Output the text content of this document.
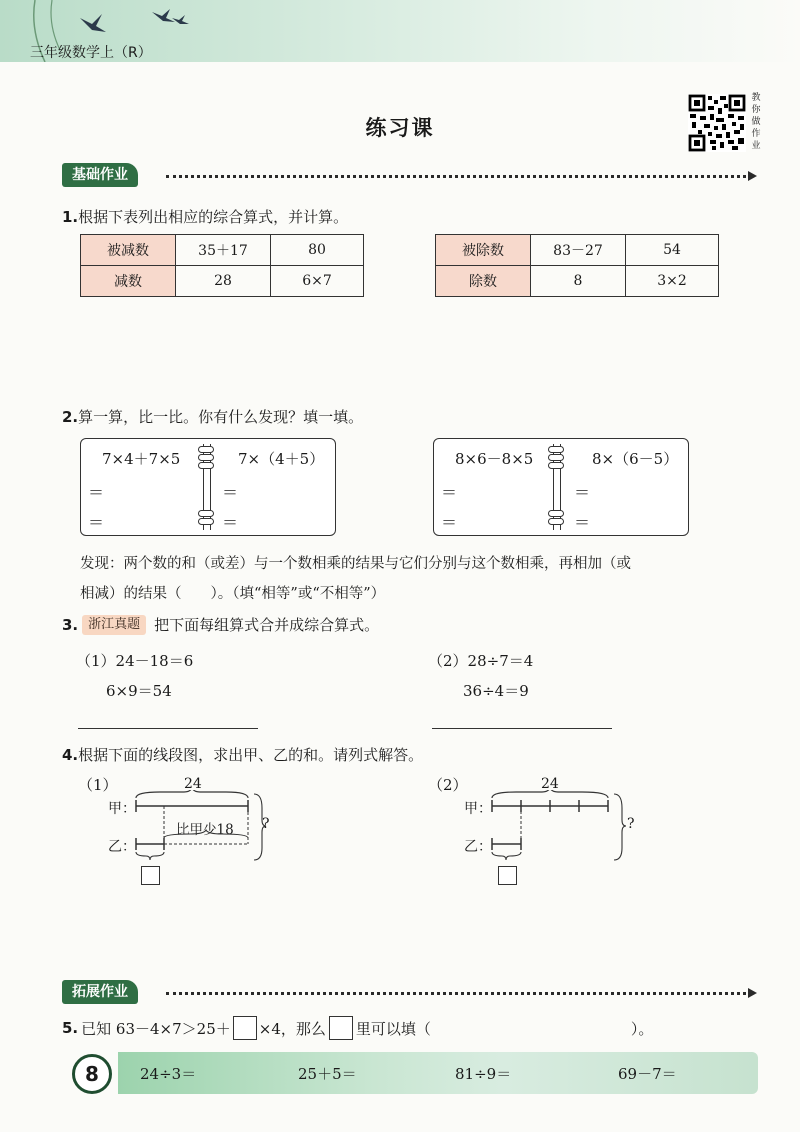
三年级数学上（R）
练习课
教你做作业
基础作业
1.根据下表列出相应的综合算式，并计算。
被减数	35＋17	80
减数	28	6×7
被除数	83－27	54
除数	8	3×2
2.算一算，比一比。你有什么发现？填一填。
7×4＋7×5	7×（4＋5）
＝
＝
＝
＝
8×6－8×5	8×（6－5）
＝
＝
＝
＝
发现：两个数的和（或差）与一个数相乘的结果与它们分别与这个数相乘，再相加（或
相减）的结果（　　）。（填“相等”或“不相等”）
3. 浙江真题 把下面每组算式合并成综合算式。
（1）24－18＝6
6×9＝54
（2）28÷7＝4
36÷4＝9
4.根据下面的线段图，求出甲、乙的和。请列式解答。
（1）	24
甲：
乙：
比甲少18 ?
（2）	24
甲：
乙：
?
拓展作业
5. 已知 63－4×7＞25＋ ×4，那么 里可以填（	）。
8	24÷3＝	25＋5＝	81÷9＝	69－7＝
